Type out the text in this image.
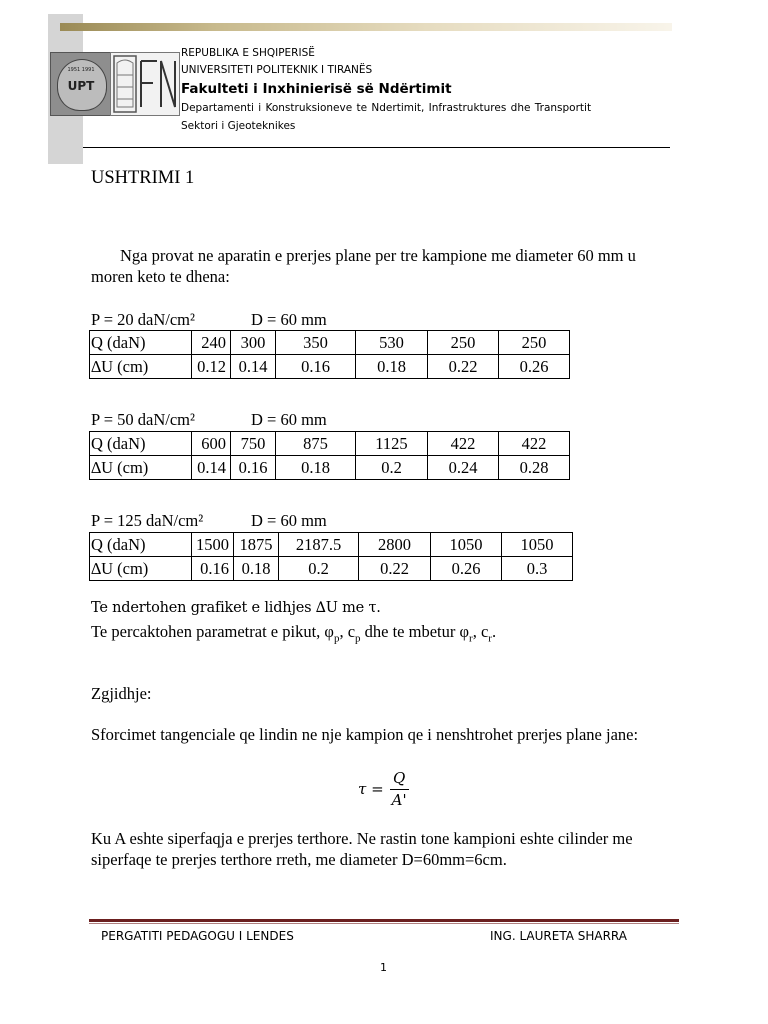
1951 1991
UPT
REPUBLIKA E SHQIPERISË
UNIVERSITETI POLITEKNIK I TIRANËS
Fakulteti i Inxhinierisë së Ndërtimit
Departamenti i Konstruksioneve te Ndertimit, Infrastruktures dhe Transportit
Sektori i Gjeoteknikes
USHTRIMI 1
Nga provat ne aparatin e prerjes plane per tre kampione me diameter 60 mm u
moren keto te dhena:
P = 20 daN/cm²	D = 60 mm
Q (daN)	240	300	350	530	250	250
∆U (cm)	0.12	0.14	0.16	0.18	0.22	0.26
P = 50 daN/cm²	D = 60 mm
Q (daN)	600	750	875	1125	422	422
∆U (cm)	0.14	0.16	0.18	0.2	0.24	0.28
P = 125 daN/cm²	D = 60 mm
Q (daN)	1500	1875	2187.5	2800	1050	1050
∆U (cm)	0.16	0.18	0.2	0.22	0.26	0.3
Te ndertohen grafiket e lidhjes ∆U me τ.
Te percaktohen parametrat e pikut, $\varphi_p$, $c_p$ dhe te mbetur $\varphi_r$, $c_r$.
Zgjidhje:
Sforcimet tangenciale qe lindin ne nje kampion qe i nenshtrohet prerjes plane jane:
$\tau = \frac{Q}{A'}$
Ku A eshte siperfaqja e prerjes terthore. Ne rastin tone kampioni eshte cilinder me
siperfaqe te prerjes terthore rreth, me diameter D=60mm=6cm.
PERGATITI PEDAGOGU I LENDES	ING. LAURETA SHARRA
1
